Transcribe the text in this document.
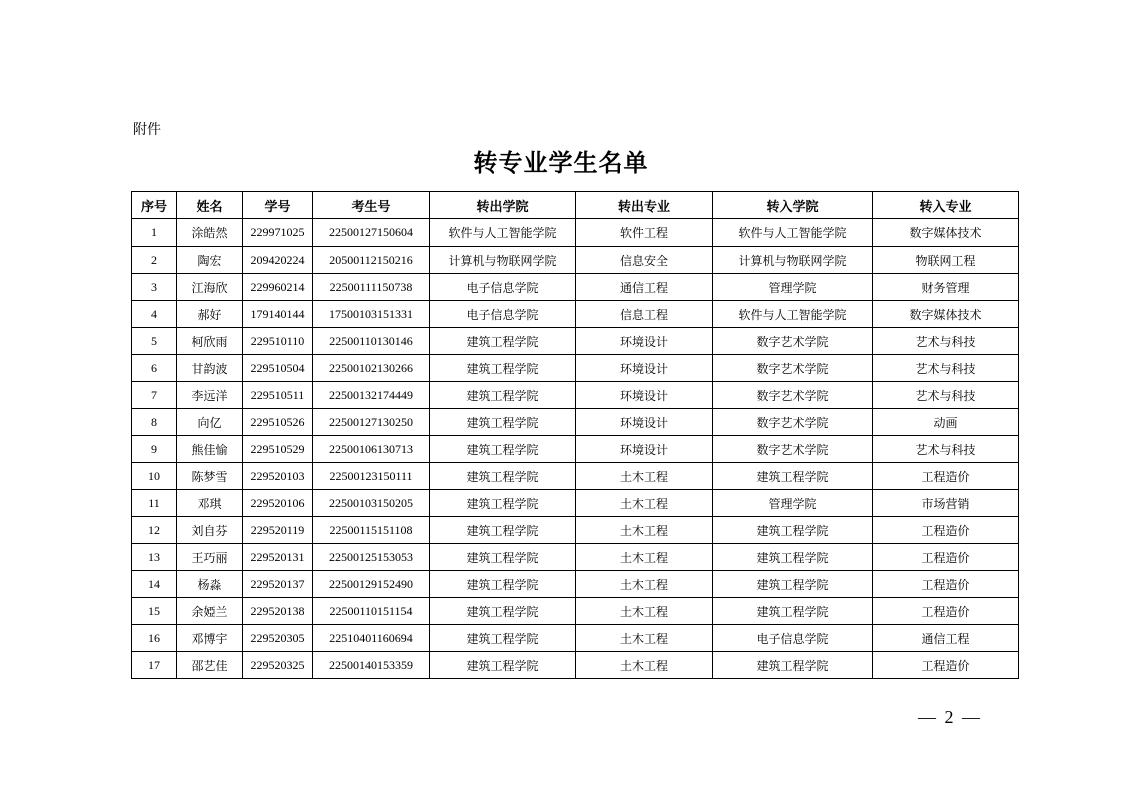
附件
转专业学生名单
序号	姓名	学号	考生号	转出学院	转出专业	转入学院	转入专业
1	涂皓然	229971025	22500127150604	软件与人工智能学院	软件工程	软件与人工智能学院	数字媒体技术
2	陶宏	209420224	20500112150216	计算机与物联网学院	信息安全	计算机与物联网学院	物联网工程
3	江海欣	229960214	22500111150738	电子信息学院	通信工程	管理学院	财务管理
4	郝好	179140144	17500103151331	电子信息学院	信息工程	软件与人工智能学院	数字媒体技术
5	柯欣雨	229510110	22500110130146	建筑工程学院	环境设计	数字艺术学院	艺术与科技
6	甘韵波	229510504	22500102130266	建筑工程学院	环境设计	数字艺术学院	艺术与科技
7	李远洋	229510511	22500132174449	建筑工程学院	环境设计	数字艺术学院	艺术与科技
8	向亿	229510526	22500127130250	建筑工程学院	环境设计	数字艺术学院	动画
9	熊佳愉	229510529	22500106130713	建筑工程学院	环境设计	数字艺术学院	艺术与科技
10	陈梦雪	229520103	22500123150111	建筑工程学院	土木工程	建筑工程学院	工程造价
11	邓琪	229520106	22500103150205	建筑工程学院	土木工程	管理学院	市场营销
12	刘自芬	229520119	22500115151108	建筑工程学院	土木工程	建筑工程学院	工程造价
13	王巧丽	229520131	22500125153053	建筑工程学院	土木工程	建筑工程学院	工程造价
14	杨淼	229520137	22500129152490	建筑工程学院	土木工程	建筑工程学院	工程造价
15	余婭兰	229520138	22500110151154	建筑工程学院	土木工程	建筑工程学院	工程造价
16	邓博宇	229520305	22510401160694	建筑工程学院	土木工程	电子信息学院	通信工程
17	邵艺佳	229520325	22500140153359	建筑工程学院	土木工程	建筑工程学院	工程造价
— 2 —
